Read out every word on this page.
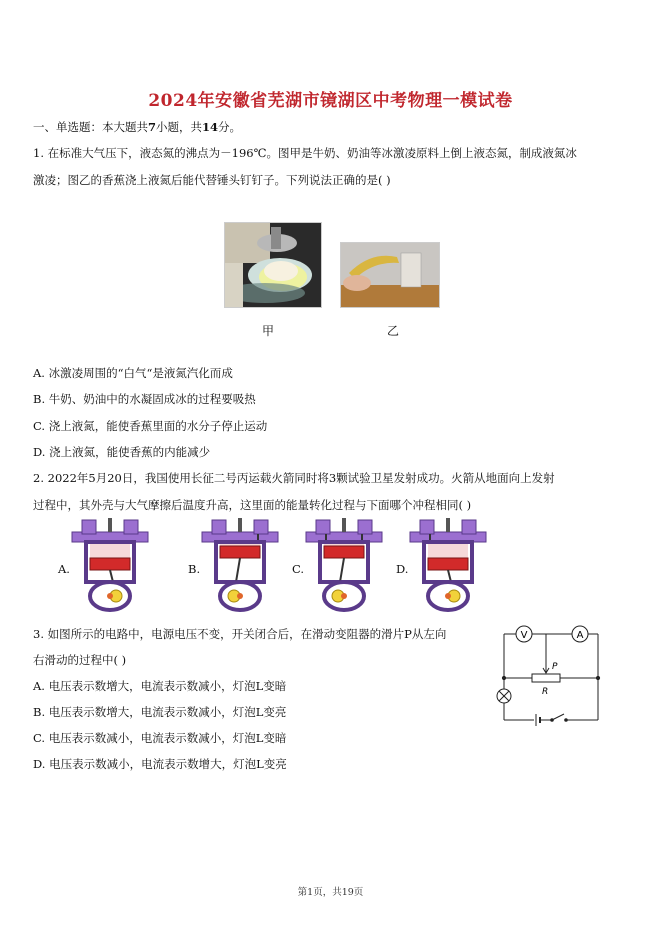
2024年安徽省芜湖市镜湖区中考物理一模试卷
一、单选题：本大题共7小题，共14分。
1. 在标准大气压下，液态氮的沸点为－196℃。图甲是牛奶、奶油等冰激凌原料上倒上液态氮，制成液氮冰
激凌；图乙的香蕉浇上液氮后能代替锤头钉钉子。下列说法正确的是( )
甲	乙
A. 冰激凌周围的“白气“是液氮汽化而成
B. 牛奶、奶油中的水凝固成冰的过程要吸热
C. 浇上液氮，能使香蕉里面的水分子停止运动
D. 浇上液氮，能使香蕉的内能减少
2. 2022年5月20日，我国使用长征二号丙运载火箭同时将3颗试验卫星发射成功。火箭从地面向上发射
过程中，其外壳与大气摩擦后温度升高，这里面的能量转化过程与下面哪个冲程相同( )
A.	B.	C.	D.
3. 如图所示的电路中，电源电压不变，开关闭合后，在滑动变阻器的滑片P从左向
右滑动的过程中( )
A. 电压表示数增大，电流表示数减小，灯泡L变暗
B. 电压表示数增大，电流表示数减小，灯泡L变亮
C. 电压表示数减小，电流表示数减小，灯泡L变暗
D. 电压表示数减小，电流表示数增大，灯泡L变亮
V	A
P
R
第1页，共19页
